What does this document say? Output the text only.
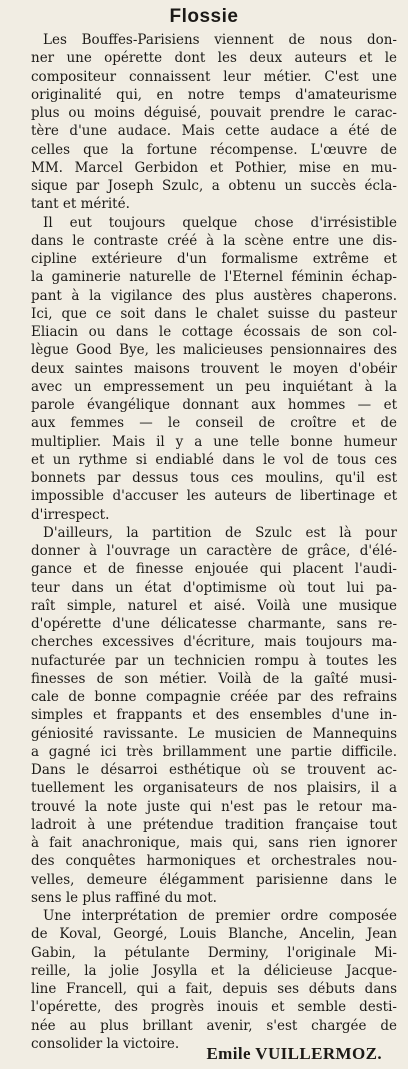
Flossie
Les Bouffes-Parisiens viennent de nous don-
ner une opérette dont les deux auteurs et le
compositeur connaissent leur métier. C'est une
originalité qui, en notre temps d'amateurisme
plus ou moins déguisé, pouvait prendre le carac-
tère d'une audace. Mais cette audace a été de
celles que la fortune récompense. L'œuvre de
MM. Marcel Gerbidon et Pothier, mise en mu-
sique par Joseph Szulc, a obtenu un succès écla-
tant et mérité.
Il eut toujours quelque chose d'irrésistible
dans le contraste créé à la scène entre une dis-
cipline extérieure d'un formalisme extrême et
la gaminerie naturelle de l'Eternel féminin échap-
pant à la vigilance des plus austères chaperons.
Ici, que ce soit dans le chalet suisse du pasteur
Eliacin ou dans le cottage écossais de son col-
lègue Good Bye, les malicieuses pensionnaires des
deux saintes maisons trouvent le moyen d'obéir
avec un empressement un peu inquiétant à la
parole évangélique donnant aux hommes — et
aux femmes — le conseil de croître et de
multiplier. Mais il y a une telle bonne humeur
et un rythme si endiablé dans le vol de tous ces
bonnets par dessus tous ces moulins, qu'il est
impossible d'accuser les auteurs de libertinage et
d'irrespect.
D'ailleurs, la partition de Szulc est là pour
donner à l'ouvrage un caractère de grâce, d'élé-
gance et de finesse enjouée qui placent l'audi-
teur dans un état d'optimisme où tout lui pa-
raît simple, naturel et aisé. Voilà une musique
d'opérette d'une délicatesse charmante, sans re-
cherches excessives d'écriture, mais toujours ma-
nufacturée par un technicien rompu à toutes les
finesses de son métier. Voilà de la gaîté musi-
cale de bonne compagnie créée par des refrains
simples et frappants et des ensembles d'une in-
géniosité ravissante. Le musicien de Mannequins
a gagné ici très brillamment une partie difficile.
Dans le désarroi esthétique où se trouvent ac-
tuellement les organisateurs de nos plaisirs, il a
trouvé la note juste qui n'est pas le retour ma-
ladroit à une prétendue tradition française tout
à fait anachronique, mais qui, sans rien ignorer
des conquêtes harmoniques et orchestrales nou-
velles, demeure élégamment parisienne dans le
sens le plus raffiné du mot.
Une interprétation de premier ordre composée
de Koval, Georgé, Louis Blanche, Ancelin, Jean
Gabin, la pétulante Derminy, l'originale Mi-
reille, la jolie Josylla et la délicieuse Jacque-
line Francell, qui a fait, depuis ses débuts dans
l'opérette, des progrès inouis et semble desti-
née au plus brillant avenir, s'est chargée de
consolider la victoire.
Emile VUILLERMOZ.
